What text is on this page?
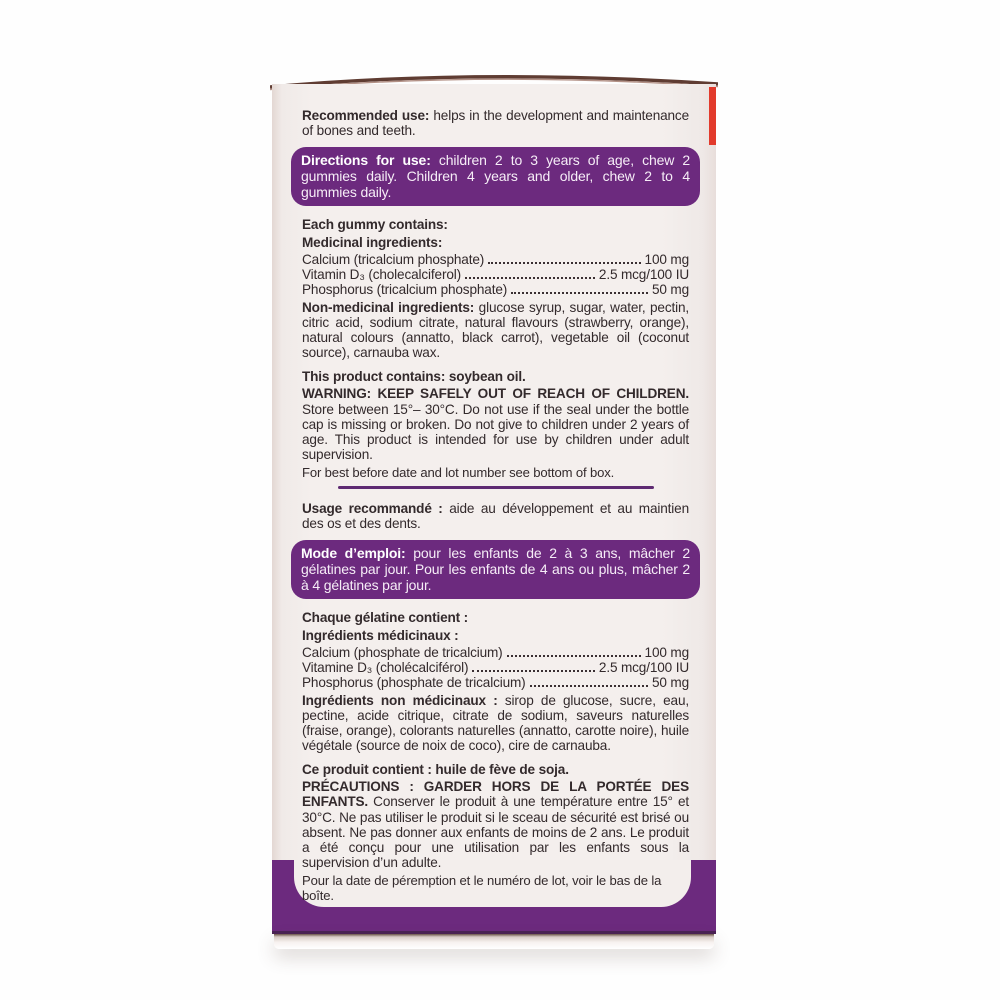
Recommended use: helps in the development and maintenance of bones and teeth.

Directions for use: children 2 to 3 years of age, chew 2 gummies daily. Children 4 years and older, chew 2 to 4 gummies daily.

Each gummy contains:

Medicinal ingredients:

Calcium (tricalcium phosphate)	100 mg
Vitamin D₃ (cholecalciferol)	2.5 mcg/100 IU
Phosphorus (tricalcium phosphate)	50 mg

Non-medicinal ingredients: glucose syrup, sugar, water, pectin, citric acid, sodium citrate, natural flavours (strawberry, orange), natural colours (annatto, black carrot), vegetable oil (coconut source), carnauba wax.

This product contains: soybean oil.

WARNING: KEEP SAFELY OUT OF REACH OF CHILDREN. Store between 15°– 30°C. Do not use if the seal under the bottle cap is missing or broken. Do not give to children under 2 years of age. This product is intended for use by children under adult supervision.

For best before date and lot number see bottom of box.

Usage recommandé : aide au développement et au maintien des os et des dents.

Mode d’emploi: pour les enfants de 2 à 3 ans, mâcher 2 gélatines par jour. Pour les enfants de 4 ans ou plus, mâcher 2 à 4 gélatines par jour.

Chaque gélatine contient :

Ingrédients médicinaux :

Calcium (phosphate de tricalcium)	100 mg
Vitamine D₃ (cholécalciférol)	2.5 mcg/100 IU
Phosphorus (phosphate de tricalcium)	50 mg

Ingrédients non médicinaux : sirop de glucose, sucre, eau, pectine, acide citrique, citrate de sodium, saveurs naturelles (fraise, orange), colorants naturelles (annatto, carotte noire), huile végétale (source de noix de coco), cire de carnauba.

Ce produit contient : huile de fève de soja.

PRÉCAUTIONS : GARDER HORS DE LA PORTÉE DES ENFANTS. Conserver le produit à une température entre 15° et 30°C. Ne pas utiliser le produit si le sceau de sécurité est brisé ou absent. Ne pas donner aux enfants de moins de 2 ans. Le produit a été conçu pour une utilisation par les enfants sous la supervision d’un adulte.

Pour la date de péremption et le numéro de lot, voir le bas de la boîte.
